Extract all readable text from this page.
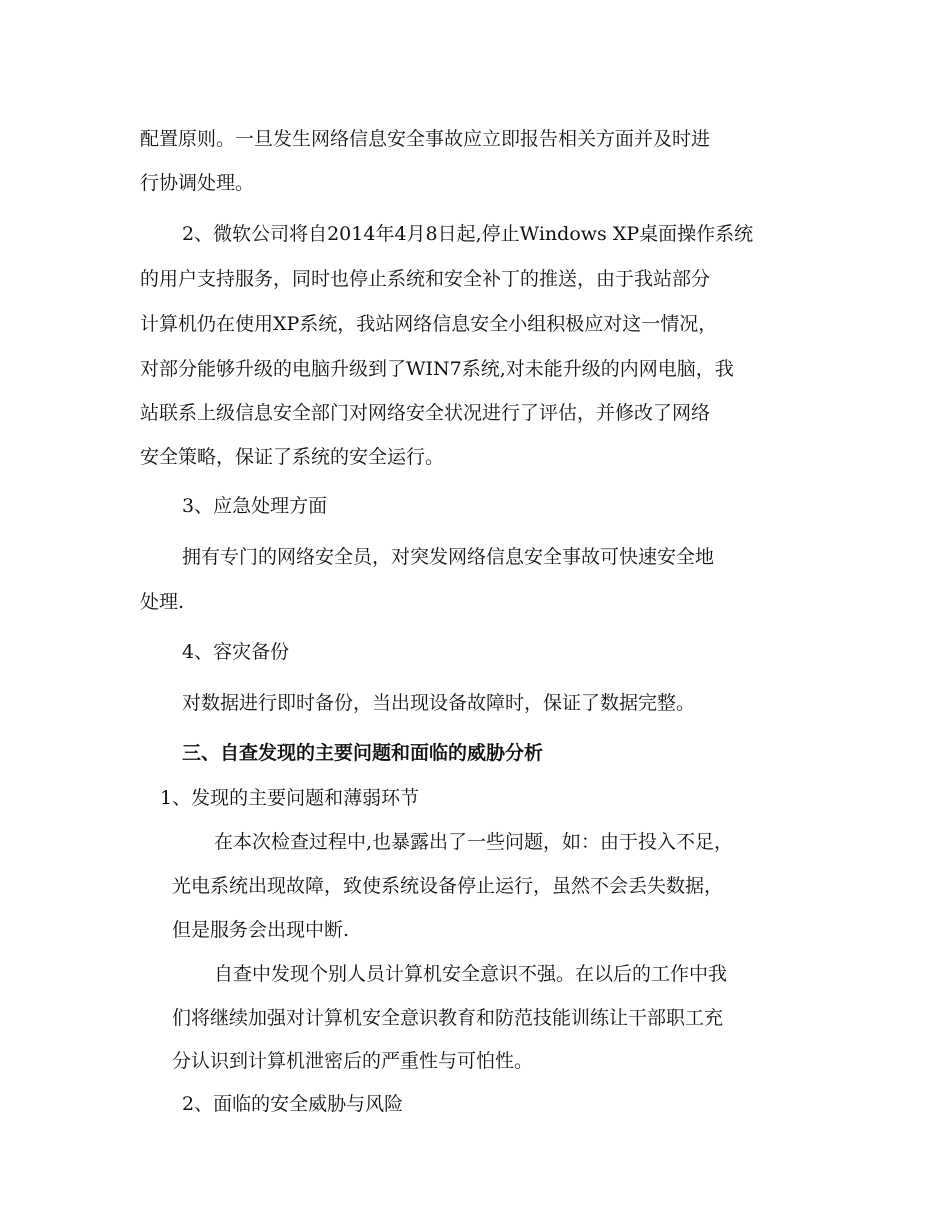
配置原则。一旦发生网络信息安全事故应立即报告相关方面并及时进
行协调处理。
2、微软公司将自2014年4月8日起,停止Windows XP桌面操作系统
的用户支持服务，同时也停止系统和安全补丁的推送，由于我站部分
计算机仍在使用XP系统，我站网络信息安全小组积极应对这一情况，
对部分能够升级的电脑升级到了WIN7系统,对未能升级的内网电脑，我
站联系上级信息安全部门对网络安全状况进行了评估，并修改了网络
安全策略，保证了系统的安全运行。
3、应急处理方面
拥有专门的网络安全员，对突发网络信息安全事故可快速安全地
处理.
4、容灾备份
对数据进行即时备份，当出现设备故障时，保证了数据完整。
三、自查发现的主要问题和面临的威胁分析
1、发现的主要问题和薄弱环节
在本次检查过程中,也暴露出了一些问题，如：由于投入不足，
光电系统出现故障，致使系统设备停止运行，虽然不会丢失数据，
但是服务会出现中断.
自查中发现个别人员计算机安全意识不强。在以后的工作中我
们将继续加强对计算机安全意识教育和防范技能训练让干部职工充
分认识到计算机泄密后的严重性与可怕性。
2、面临的安全威胁与风险
